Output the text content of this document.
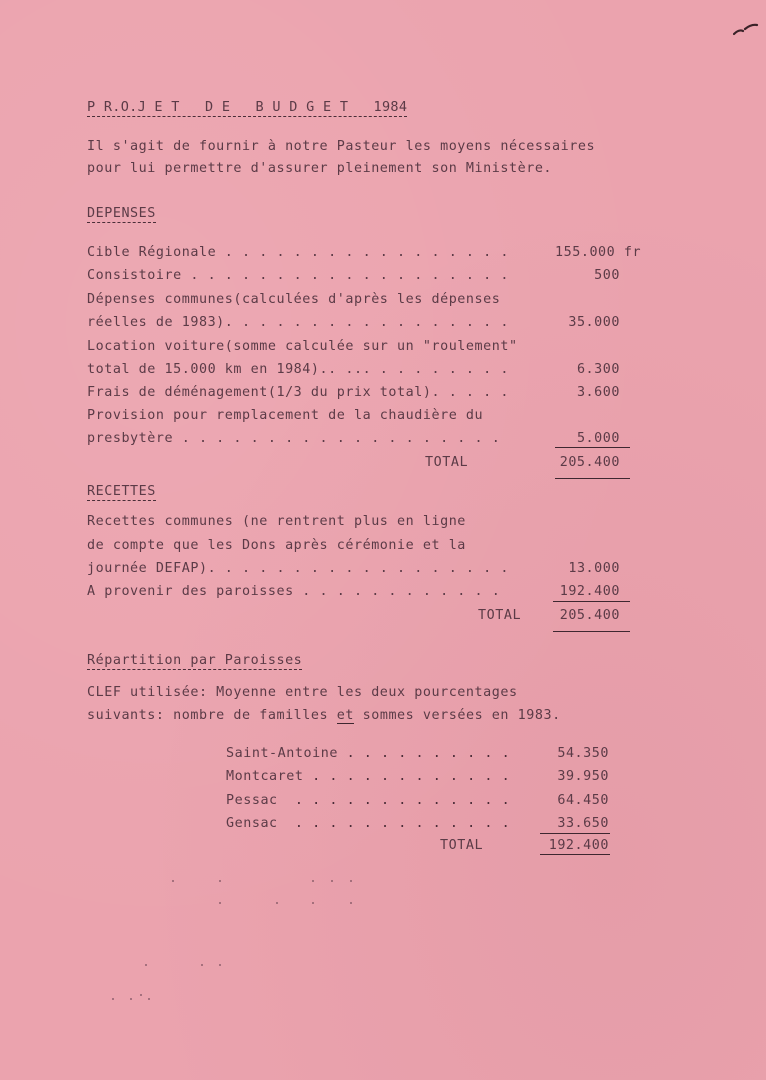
P R.O.J E T   D E   B U D G E T   1984
Il s'agit de fournir à notre Pasteur les moyens nécessaires
pour lui permettre d'assurer pleinement son Ministère.
DEPENSES
Cible Régionale . . . . . . . . . . . . . . . . .	155.000 fr
Consistoire . . . . . . . . . . . . . . . . . . .	500
Dépenses communes(calculées d'après les dépenses
réelles de 1983). . . . . . . . . . . . . . . . .	35.000
Location voiture(somme calculée sur un "roulement"
total de 15.000 km en 1984).. ... . . . . . . . .	6.300
Frais de déménagement(1/3 du prix total). . . . .	3.600
Provision pour remplacement de la chaudière du
presbytère . . . . . . . . . . . . . . . . . . .	5.000
TOTAL	205.400
RECETTES
Recettes communes (ne rentrent plus en ligne
de compte que les Dons après cérémonie et la
journée DEFAP). . . . . . . . . . . . . . . . . .	13.000
A provenir des paroisses . . . . . . . . . . . .	192.400
TOTAL	205.400
Répartition par Paroisses
CLEF utilisée: Moyenne entre les deux pourcentages
suivants: nombre de familles et sommes versées en 1983.
Saint-Antoine . . . . . . . . . .	54.350
Montcaret . . . . . . . . . . . .	39.950
Pessac  . . . . . . . . . . . . .	64.450
Gensac  . . . . . . . . . . . . .	33.650
TOTAL	192.400
